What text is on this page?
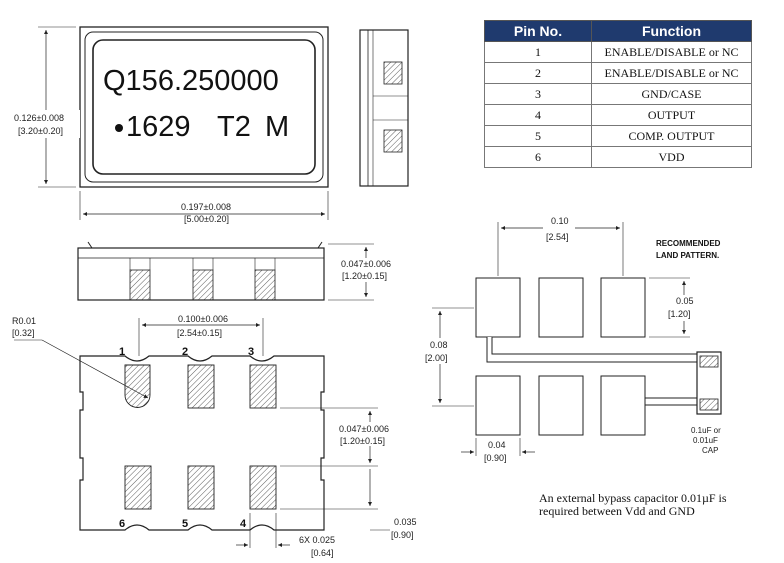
Q156.250000
1629 T2 M
0.126±0.008
[3.20±0.20]
0.197±0.008
[5.00±0.20]
0.047±0.006
[1.20±0.15]
1	2	3
6	5	4
R0.01
[0.32]
0.100±0.006
[2.54±0.15]
0.047±0.006
[1.20±0.15]
0.035
[0.90]
6X 0.025
[0.64]
RECOMMENDED
LAND PATTERN.
0.1uF or
0.01uF
CAP
0.10
[2.54]
0.05
[1.20]
0.08
[2.00]
0.04
[0.90]
Pin No.	Function
1	ENABLE/DISABLE or NC
2	ENABLE/DISABLE or NC
3	GND/CASE
4	OUTPUT
5	COMP. OUTPUT
6	VDD
An external bypass capacitor 0.01µF is required between Vdd and GND
